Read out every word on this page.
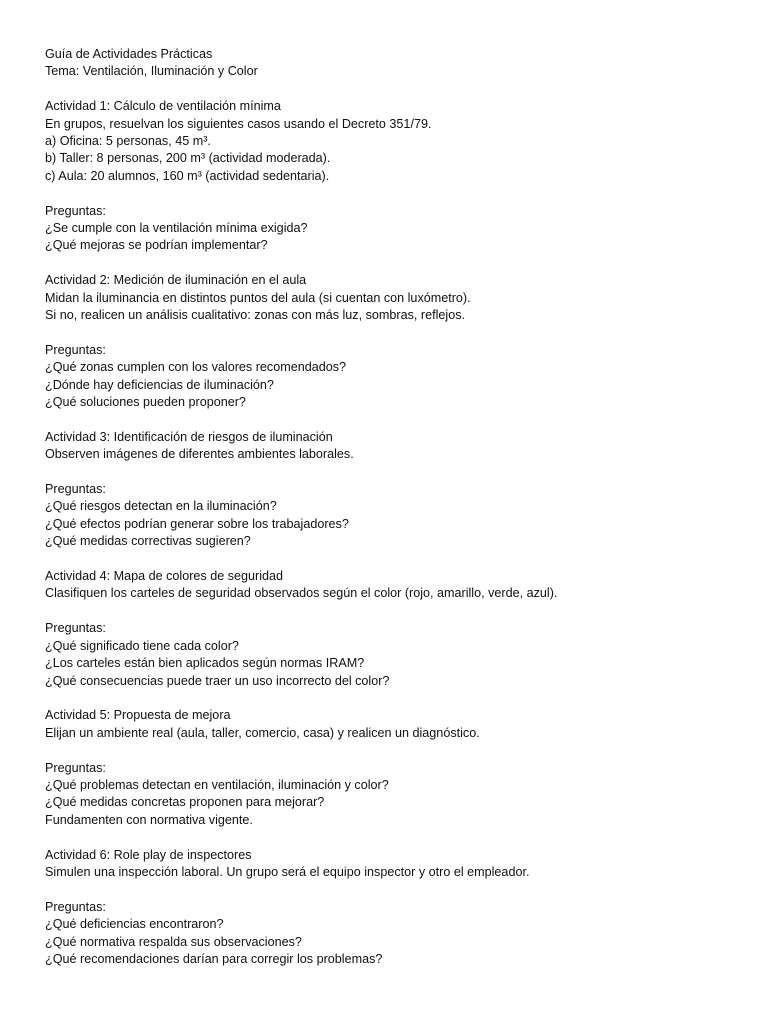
Guía de Actividades Prácticas
Tema: Ventilación, Iluminación y Color
Actividad 1: Cálculo de ventilación mínima
En grupos, resuelvan los siguientes casos usando el Decreto 351/79.
a) Oficina: 5 personas, 45 m³.
b) Taller: 8 personas, 200 m³ (actividad moderada).
c) Aula: 20 alumnos, 160 m³ (actividad sedentaria).
Preguntas:
¿Se cumple con la ventilación mínima exigida?
¿Qué mejoras se podrían implementar?
Actividad 2: Medición de iluminación en el aula
Midan la iluminancia en distintos puntos del aula (si cuentan con luxómetro).
Si no, realicen un análisis cualitativo: zonas con más luz, sombras, reflejos.
Preguntas:
¿Qué zonas cumplen con los valores recomendados?
¿Dónde hay deficiencias de iluminación?
¿Qué soluciones pueden proponer?
Actividad 3: Identificación de riesgos de iluminación
Observen imágenes de diferentes ambientes laborales.
Preguntas:
¿Qué riesgos detectan en la iluminación?
¿Qué efectos podrían generar sobre los trabajadores?
¿Qué medidas correctivas sugieren?
Actividad 4: Mapa de colores de seguridad
Clasifiquen los carteles de seguridad observados según el color (rojo, amarillo, verde, azul).
Preguntas:
¿Qué significado tiene cada color?
¿Los carteles están bien aplicados según normas IRAM?
¿Qué consecuencias puede traer un uso incorrecto del color?
Actividad 5: Propuesta de mejora
Elijan un ambiente real (aula, taller, comercio, casa) y realicen un diagnóstico.
Preguntas:
¿Qué problemas detectan en ventilación, iluminación y color?
¿Qué medidas concretas proponen para mejorar?
Fundamenten con normativa vigente.
Actividad 6: Role play de inspectores
Simulen una inspección laboral. Un grupo será el equipo inspector y otro el empleador.
Preguntas:
¿Qué deficiencias encontraron?
¿Qué normativa respalda sus observaciones?
¿Qué recomendaciones darían para corregir los problemas?
